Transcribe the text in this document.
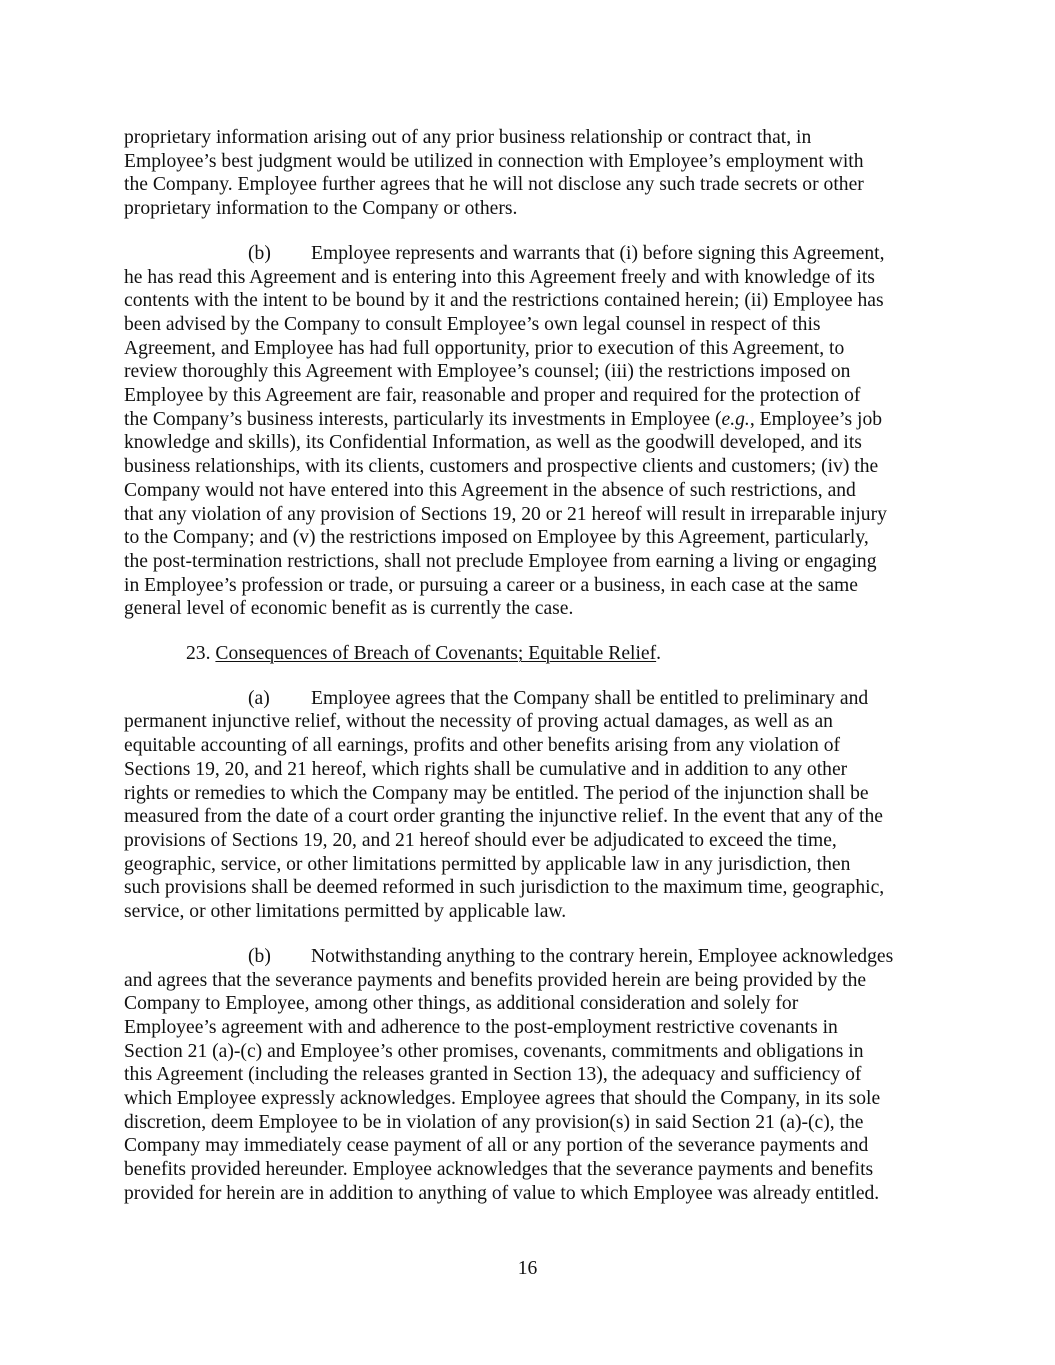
proprietary information arising out of any prior business relationship or contract that, in
Employee’s best judgment would be utilized in connection with Employee’s employment with
the Company. Employee further agrees that he will not disclose any such trade secrets or other
proprietary information to the Company or others.

(b) Employee represents and warrants that (i) before signing this Agreement,
he has read this Agreement and is entering into this Agreement freely and with knowledge of its
contents with the intent to be bound by it and the restrictions contained herein; (ii) Employee has
been advised by the Company to consult Employee’s own legal counsel in respect of this
Agreement, and Employee has had full opportunity, prior to execution of this Agreement, to
review thoroughly this Agreement with Employee’s counsel; (iii) the restrictions imposed on
Employee by this Agreement are fair, reasonable and proper and required for the protection of
the Company’s business interests, particularly its investments in Employee (e.g., Employee’s job
knowledge and skills), its Confidential Information, as well as the goodwill developed, and its
business relationships, with its clients, customers and prospective clients and customers; (iv) the
Company would not have entered into this Agreement in the absence of such restrictions, and
that any violation of any provision of Sections 19, 20 or 21 hereof will result in irreparable injury
to the Company; and (v) the restrictions imposed on Employee by this Agreement, particularly,
the post-termination restrictions, shall not preclude Employee from earning a living or engaging
in Employee’s profession or trade, or pursuing a career or a business, in each case at the same
general level of economic benefit as is currently the case.

23. Consequences of Breach of Covenants; Equitable Relief.

(a) Employee agrees that the Company shall be entitled to preliminary and
permanent injunctive relief, without the necessity of proving actual damages, as well as an
equitable accounting of all earnings, profits and other benefits arising from any violation of
Sections 19, 20, and 21 hereof, which rights shall be cumulative and in addition to any other
rights or remedies to which the Company may be entitled. The period of the injunction shall be
measured from the date of a court order granting the injunctive relief. In the event that any of the
provisions of Sections 19, 20, and 21 hereof should ever be adjudicated to exceed the time,
geographic, service, or other limitations permitted by applicable law in any jurisdiction, then
such provisions shall be deemed reformed in such jurisdiction to the maximum time, geographic,
service, or other limitations permitted by applicable law.

(b) Notwithstanding anything to the contrary herein, Employee acknowledges
and agrees that the severance payments and benefits provided herein are being provided by the
Company to Employee, among other things, as additional consideration and solely for
Employee’s agreement with and adherence to the post-employment restrictive covenants in
Section 21 (a)-(c) and Employee’s other promises, covenants, commitments and obligations in
this Agreement (including the releases granted in Section 13), the adequacy and sufficiency of
which Employee expressly acknowledges. Employee agrees that should the Company, in its sole
discretion, deem Employee to be in violation of any provision(s) in said Section 21 (a)-(c), the
Company may immediately cease payment of all or any portion of the severance payments and
benefits provided hereunder. Employee acknowledges that the severance payments and benefits
provided for herein are in addition to anything of value to which Employee was already entitled.

16
